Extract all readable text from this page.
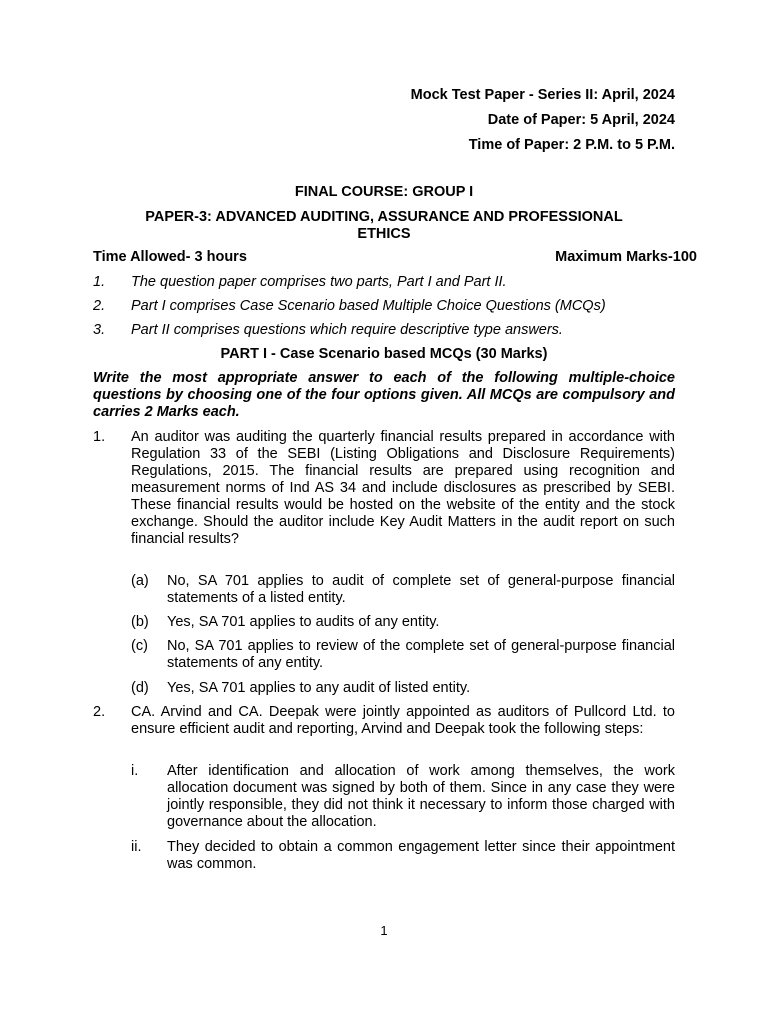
Mock Test Paper - Series II: April, 2024
Date of Paper: 5 April, 2024
Time of Paper: 2 P.M. to 5 P.M.
FINAL COURSE: GROUP I
PAPER-3: ADVANCED AUDITING, ASSURANCE AND PROFESSIONAL
ETHICS
Time Allowed- 3 hours	Maximum Marks-100
1. The question paper comprises two parts, Part I and Part II.
2. Part I comprises Case Scenario based Multiple Choice Questions (MCQs)
3. Part II comprises questions which require descriptive type answers.
PART I - Case Scenario based MCQs (30 Marks)
Write the most appropriate answer to each of the following multiple-choice questions by choosing one of the four options given. All MCQs are compulsory and carries 2 Marks each.
1. An auditor was auditing the quarterly financial results prepared in accordance with Regulation 33 of the SEBI (Listing Obligations and Disclosure Requirements) Regulations, 2015. The financial results are prepared using recognition and measurement norms of Ind AS 34 and include disclosures as prescribed by SEBI. These financial results would be hosted on the website of the entity and the stock exchange. Should the auditor include Key Audit Matters in the audit report on such financial results?
(a) No, SA 701 applies to audit of complete set of general-purpose financial statements of a listed entity.
(b) Yes, SA 701 applies to audits of any entity.
(c) No, SA 701 applies to review of the complete set of general-purpose financial statements of any entity.
(d) Yes, SA 701 applies to any audit of listed entity.
2. CA. Arvind and CA. Deepak were jointly appointed as auditors of Pullcord Ltd. to ensure efficient audit and reporting, Arvind and Deepak took the following steps:
i. After identification and allocation of work among themselves, the work allocation document was signed by both of them. Since in any case they were jointly responsible, they did not think it necessary to inform those charged with governance about the allocation.
ii. They decided to obtain a common engagement letter since their appointment was common.
1
